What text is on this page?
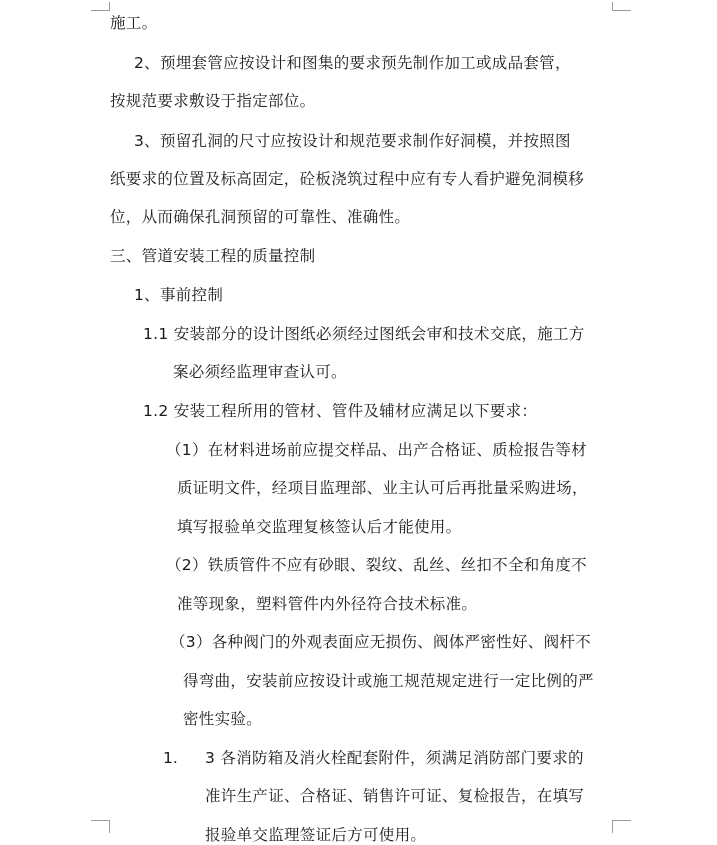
施工。
2、预埋套管应按设计和图集的要求预先制作加工或成品套管，
按规范要求敷设于指定部位。
3、预留孔洞的尺寸应按设计和规范要求制作好洞模，并按照图
纸要求的位置及标高固定，砼板浇筑过程中应有专人看护避免洞模移
位，从而确保孔洞预留的可靠性、准确性。
三、管道安装工程的质量控制
1、事前控制
1.1 安装部分的设计图纸必须经过图纸会审和技术交底，施工方
案必须经监理审查认可。
1.2 安装工程所用的管材、管件及辅材应满足以下要求：
（1）在材料进场前应提交样品、出产合格证、质检报告等材
质证明文件，经项目监理部、业主认可后再批量采购进场，
填写报验单交监理复核签认后才能使用。
（2）铁质管件不应有砂眼、裂纹、乱丝、丝扣不全和角度不
准等现象，塑料管件内外径符合技术标准。
（3）各种阀门的外观表面应无损伤、阀体严密性好、阀杆不
得弯曲，安装前应按设计或施工规范规定进行一定比例的严
密性实验。
1. 3 各消防箱及消火栓配套附件，须满足消防部门要求的
准许生产证、合格证、销售许可证、复检报告，在填写
报验单交监理签证后方可使用。
